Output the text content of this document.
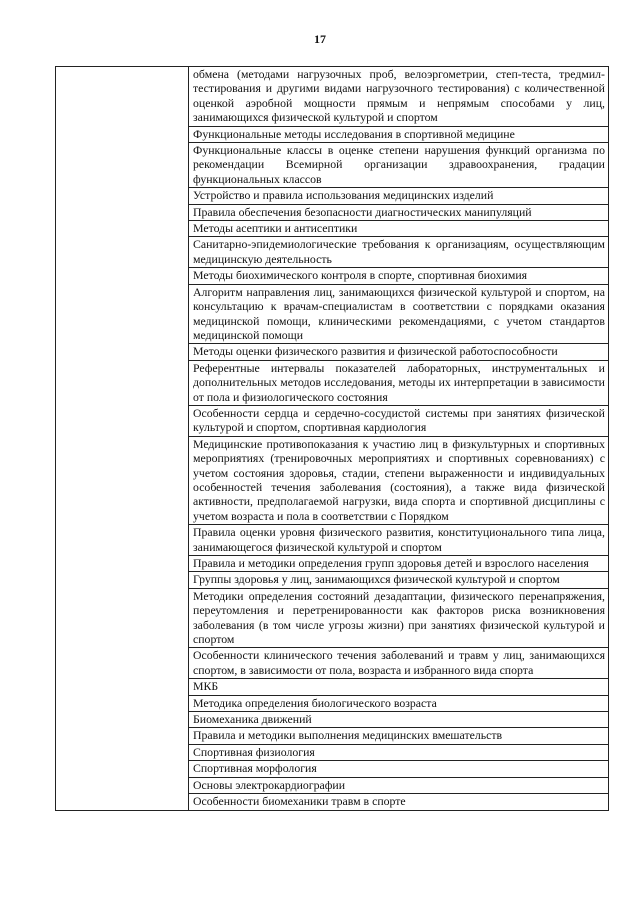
17
	обмена (методами нагрузочных проб, велоэргометрии, степ-теста, тредмил-тестирования и другими видами нагрузочного тестирования) с количественной оценкой аэробной мощности прямым и непрямым способами у лиц, занимающихся физической культурой и спортом
Функциональные методы исследования в спортивной медицине
Функциональные классы в оценке степени нарушения функций организма по рекомендации Всемирной организации здравоохранения, градации функциональных классов
Устройство и правила использования медицинских изделий
Правила обеспечения безопасности диагностических манипуляций
Методы асептики и антисептики
Санитарно-эпидемиологические требования к организациям, осуществляющим медицинскую деятельность
Методы биохимического контроля в спорте, спортивная биохимия
Алгоритм направления лиц, занимающихся физической культурой и спортом, на консультацию к врачам-специалистам в соответствии с порядками оказания медицинской помощи, клиническими рекомендациями, с учетом стандартов медицинской помощи
Методы оценки физического развития и физической работоспособности
Референтные интервалы показателей лабораторных, инструментальных и дополнительных методов исследования, методы их интерпретации в зависимости от пола и физиологического состояния
Особенности сердца и сердечно-сосудистой системы при занятиях физической культурой и спортом, спортивная кардиология
Медицинские противопоказания к участию лиц в физкультурных и спортивных мероприятиях (тренировочных мероприятиях и спортивных соревнованиях) с учетом состояния здоровья, стадии, степени выраженности и индивидуальных особенностей течения заболевания (состояния), а также вида физической активности, предполагаемой нагрузки, вида спорта и спортивной дисциплины с учетом возраста и пола в соответствии с Порядком
Правила оценки уровня физического развития, конституционального типа лица, занимающегося физической культурой и спортом
Правила и методики определения групп здоровья детей и взрослого населения
Группы здоровья у лиц, занимающихся физической культурой и спортом
Методики определения состояний дезадаптации, физического перенапряжения, переутомления и перетренированности как факторов риска возникновения заболевания (в том числе угрозы жизни) при занятиях физической культурой и спортом
Особенности клинического течения заболеваний и травм у лиц, занимающихся спортом, в зависимости от пола, возраста и избранного вида спорта
МКБ
Методика определения биологического возраста
Биомеханика движений
Правила и методики выполнения медицинских вмешательств
Спортивная физиология
Спортивная морфология
Основы электрокардиографии
Особенности биомеханики травм в спорте
